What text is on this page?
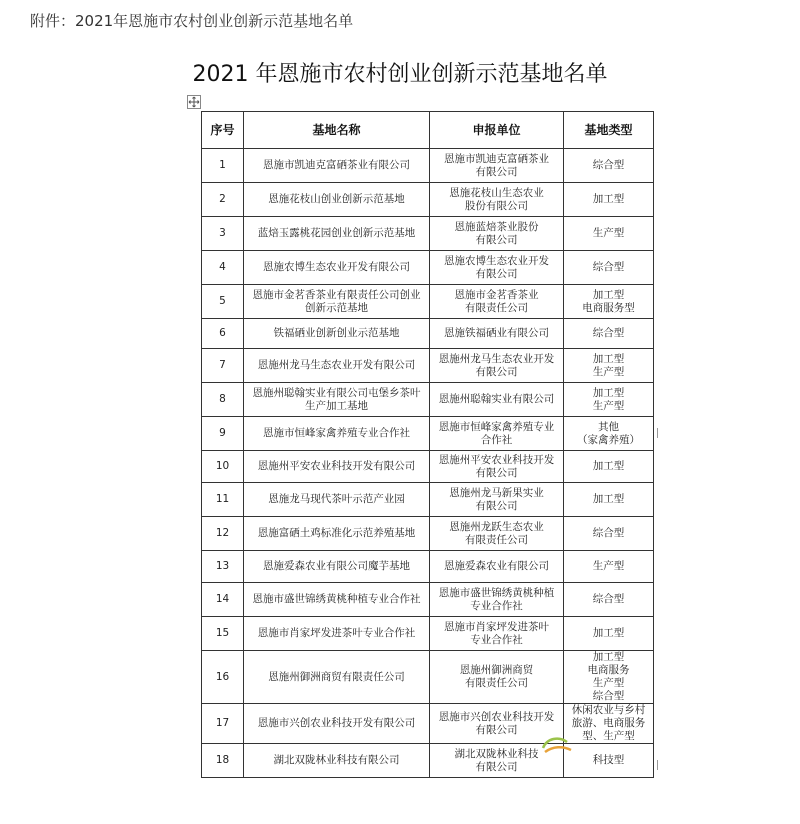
附件：2021年恩施市农村创业创新示范基地名单
2021 年恩施市农村创业创新示范基地名单
序号	基地名称	申报单位	基地类型
1	恩施市凯迪克富硒茶业有限公司	恩施市凯迪克富硒茶业
有限公司	综合型
2	恩施花枝山创业创新示范基地	恩施花枝山生态农业
股份有限公司	加工型
3	蓝焙玉露桃花园创业创新示范基地	恩施蓝焙茶业股份
有限公司	生产型
4	恩施农博生态农业开发有限公司	恩施农博生态农业开发
有限公司	综合型
5	恩施市金茗香茶业有限责任公司创业
创新示范基地	恩施市金茗香茶业
有限责任公司	加工型
电商服务型
6	铁福硒业创新创业示范基地	恩施铁福硒业有限公司	综合型
7	恩施州龙马生态农业开发有限公司	恩施州龙马生态农业开发
有限公司	加工型
生产型
8	恩施州聪翰实业有限公司屯堡乡茶叶
生产加工基地	恩施州聪翰实业有限公司	加工型
生产型
9	恩施市恒峰家禽养殖专业合作社	恩施市恒峰家禽养殖专业
合作社	其他
（家禽养殖）
10	恩施州平安农业科技开发有限公司	恩施州平安农业科技开发
有限公司	加工型
11	恩施龙马现代茶叶示范产业园	恩施州龙马新果实业
有限公司	加工型
12	恩施富硒土鸡标准化示范养殖基地	恩施州龙跃生态农业
有限责任公司	综合型
13	恩施爱森农业有限公司魔芋基地	恩施爱森农业有限公司	生产型
14	恩施市盛世锦绣黄桃种植专业合作社	恩施市盛世锦绣黄桃种植
专业合作社	综合型
15	恩施市肖家坪发进茶叶专业合作社	恩施市肖家坪发进茶叶
专业合作社	加工型
16	恩施州御洲商贸有限责任公司	恩施州御洲商贸
有限责任公司	加工型
电商服务
生产型
综合型
17	恩施市兴创农业科技开发有限公司	恩施市兴创农业科技开发
有限公司	休闲农业与乡村
旅游、电商服务
型、生产型
18	湖北双陇林业科技有限公司	湖北双陇林业科技
有限公司	科技型
